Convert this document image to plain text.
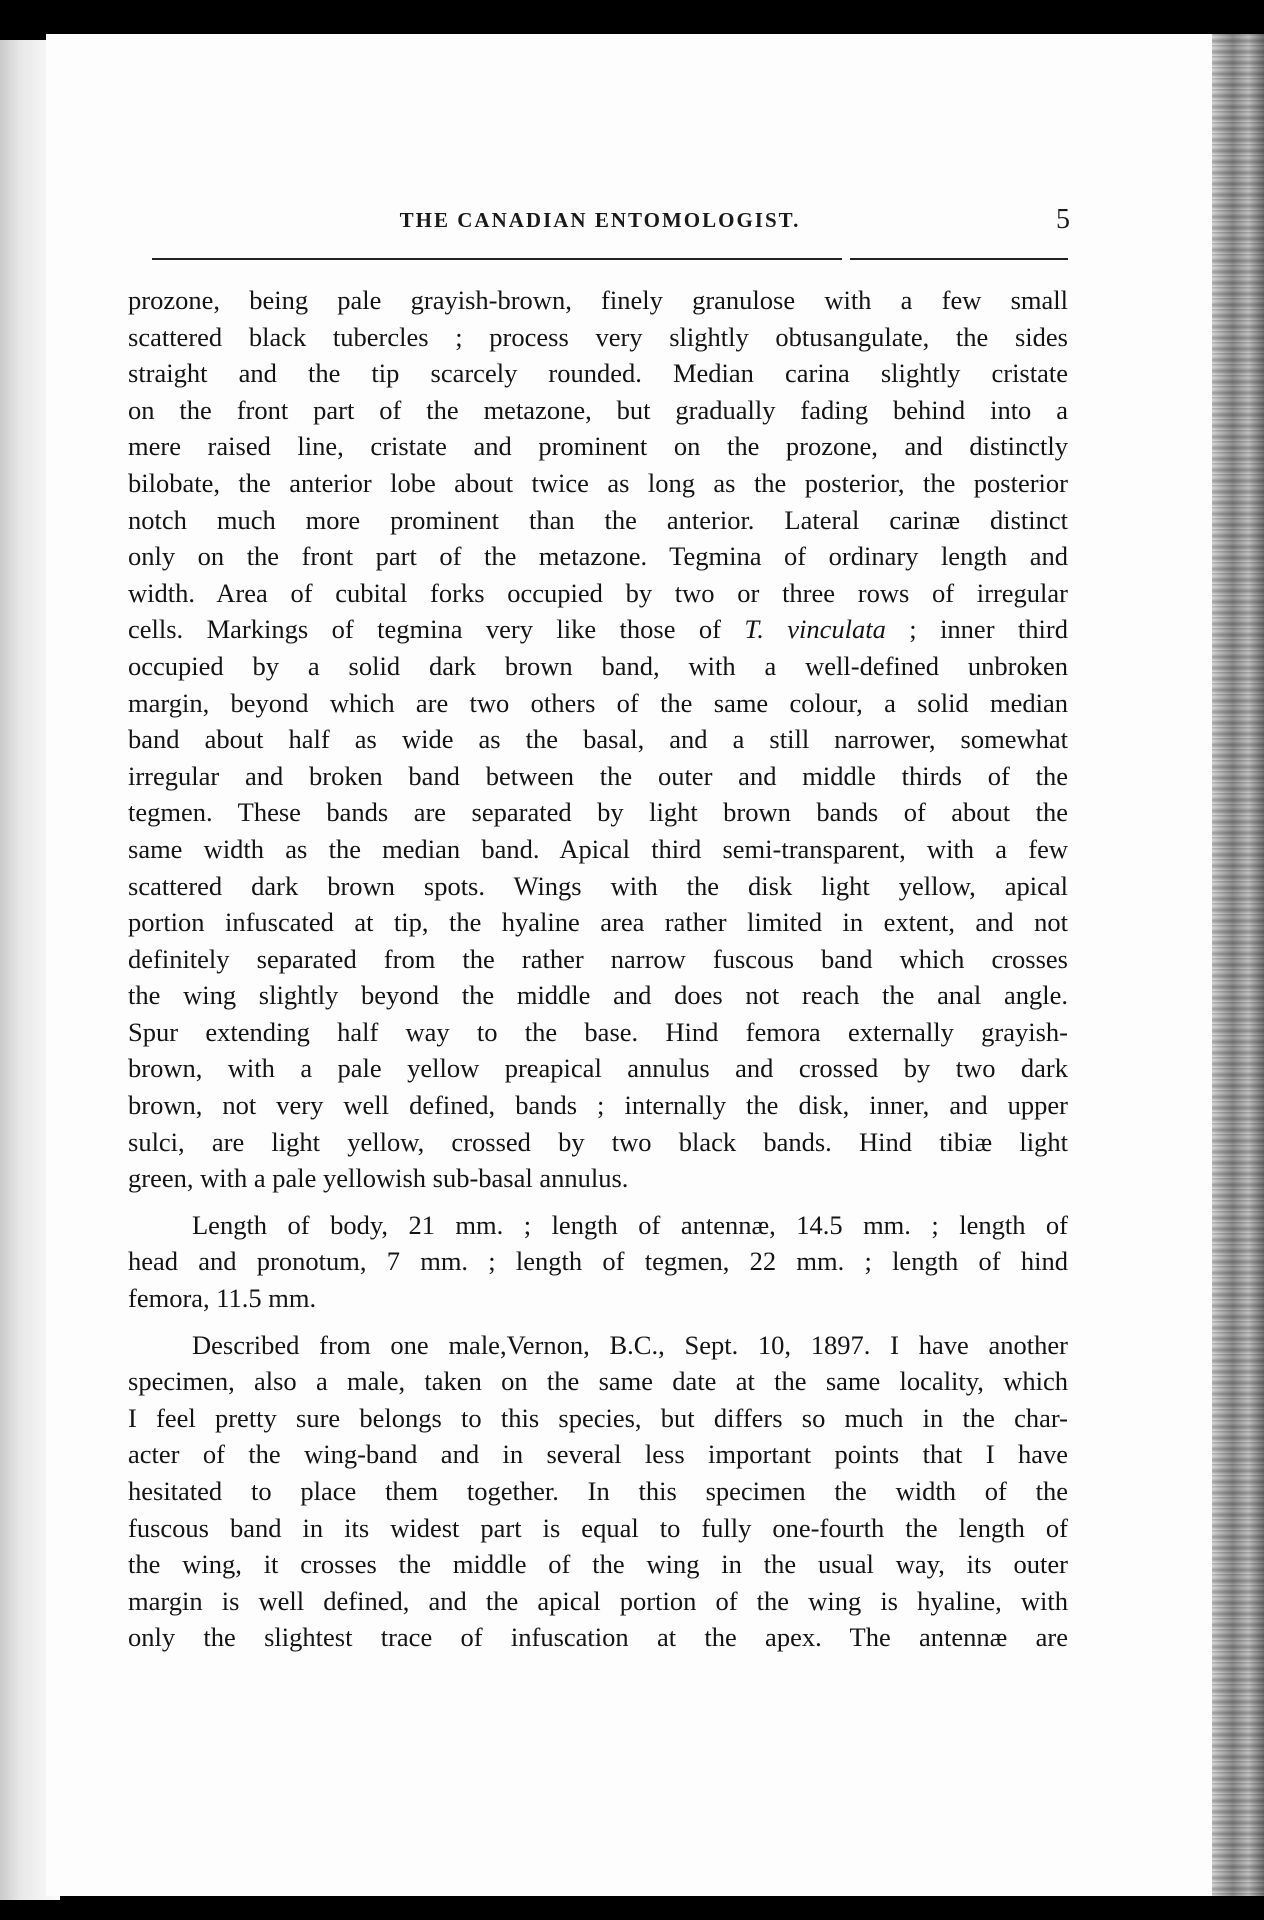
THE CANADIAN ENTOMOLOGIST.	5

prozone, being pale grayish-brown, finely granulose with a few small
scattered black tubercles ; process very slightly obtusangulate, the sides
straight and the tip scarcely rounded. Median carina slightly cristate
on the front part of the metazone, but gradually fading behind into a
mere raised line, cristate and prominent on the prozone, and distinctly
bilobate, the anterior lobe about twice as long as the posterior, the posterior
notch much more prominent than the anterior. Lateral carinæ distinct
only on the front part of the metazone. Tegmina of ordinary length and
width. Area of cubital forks occupied by two or three rows of irregular
cells. Markings of tegmina very like those of T. vinculata ; inner third
occupied by a solid dark brown band, with a well-defined unbroken
margin, beyond which are two others of the same colour, a solid median
band about half as wide as the basal, and a still narrower, somewhat
irregular and broken band between the outer and middle thirds of the
tegmen. These bands are separated by light brown bands of about the
same width as the median band. Apical third semi-transparent, with a few
scattered dark brown spots. Wings with the disk light yellow, apical
portion infuscated at tip, the hyaline area rather limited in extent, and not
definitely separated from the rather narrow fuscous band which crosses
the wing slightly beyond the middle and does not reach the anal angle.
Spur extending half way to the base. Hind femora externally grayish-
brown, with a pale yellow preapical annulus and crossed by two dark
brown, not very well defined, bands ; internally the disk, inner, and upper
sulci, are light yellow, crossed by two black bands. Hind tibiæ light
green, with a pale yellowish sub-basal annulus.

Length of body, 21 mm. ; length of antennæ, 14.5 mm. ; length of
head and pronotum, 7 mm. ; length of tegmen, 22 mm. ; length of hind
femora, 11.5 mm.

Described from one male,Vernon, B.C., Sept. 10, 1897. I have another
specimen, also a male, taken on the same date at the same locality, which
I feel pretty sure belongs to this species, but differs so much in the char-
acter of the wing-band and in several less important points that I have
hesitated to place them together. In this specimen the width of the
fuscous band in its widest part is equal to fully one-fourth the length of
the wing, it crosses the middle of the wing in the usual way, its outer
margin is well defined, and the apical portion of the wing is hyaline, with
only the slightest trace of infuscation at the apex. The antennæ are
